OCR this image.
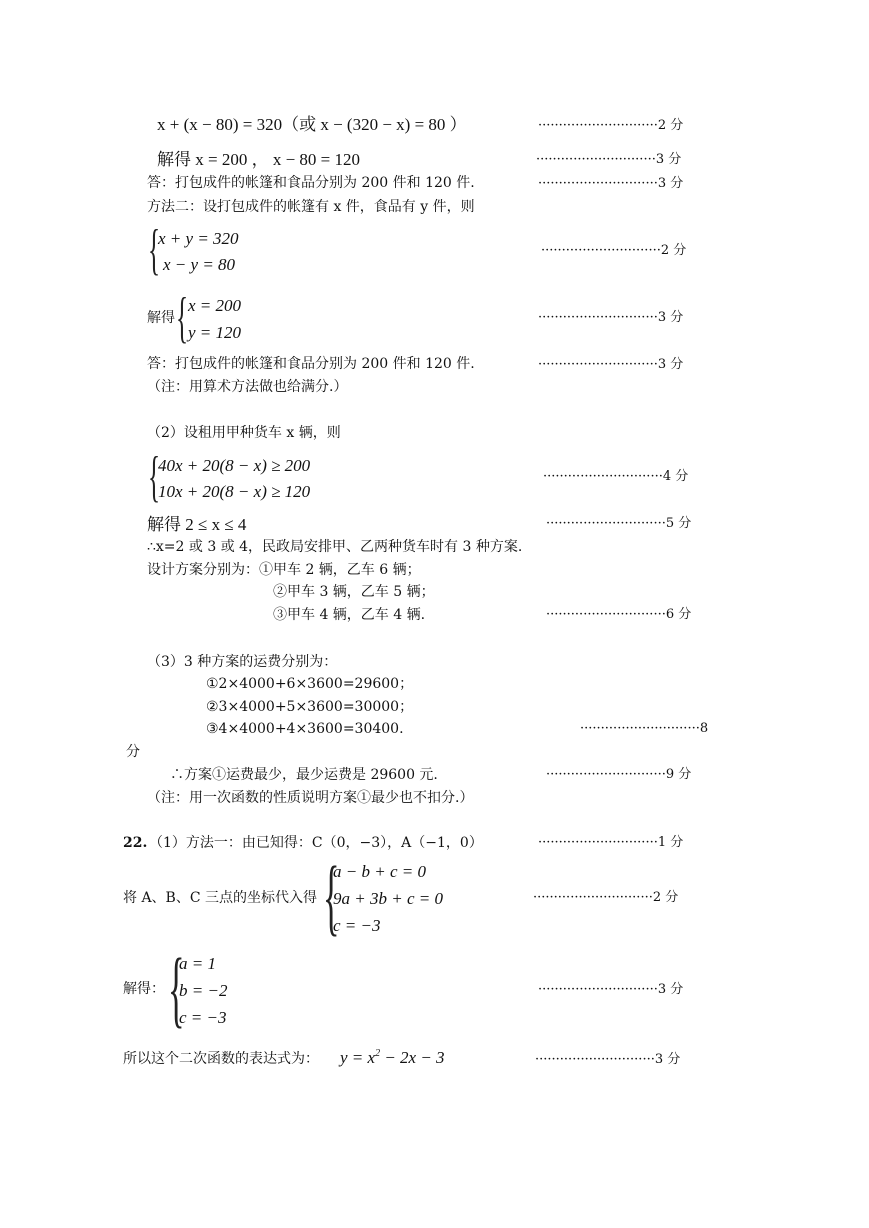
x + (x − 80) = 320（或 x − (320 − x) = 80 ）	·····························2 分
解得 x = 200 ， x − 80 = 120	·····························3 分
答：打包成件的帐篷和食品分别为 200 件和 120 件.	·····························3 分
方法二：设打包成件的帐篷有 x 件，食品有 y 件，则
{
x + y = 320
x − y = 80
·····························2 分
解得 { x = 200
y = 120
·····························3 分
答：打包成件的帐篷和食品分别为 200 件和 120 件.	·····························3 分
（注：用算术方法做也给满分.）
（2）设租用甲种货车 x 辆，则
{
40x + 20(8 − x) ≥ 200
10x + 20(8 − x) ≥ 120
·····························4 分
解得 2 ≤ x ≤ 4	·····························5 分
∴x=2 或 3 或 4，民政局安排甲、乙两种货车时有 3 种方案.
设计方案分别为：①甲车 2 辆，乙车 6 辆；
②甲车 3 辆，乙车 5 辆；
③甲车 4 辆，乙车 4 辆.	·····························6 分
（3）3 种方案的运费分别为：
①2×4000+6×3600=29600；
②3×4000+5×3600=30000；
③4×4000+4×3600=30400.	·····························8
分
∴方案①运费最少，最少运费是 29600 元.	·····························9 分
（注：用一次函数的性质说明方案①最少也不扣分.）
22. （1）方法一：由已知得：C（0，−3），A（−1，0）	·····························1 分
将 A、B、C 三点的坐标代入得 {
a − b + c = 0
9a + 3b + c = 0
c = −3
·····························2 分
解得： {
a = 1
b = −2
c = −3
·····························3 分
所以这个二次函数的表达式为： $y = x^2 - 2x - 3$	·····························3 分
